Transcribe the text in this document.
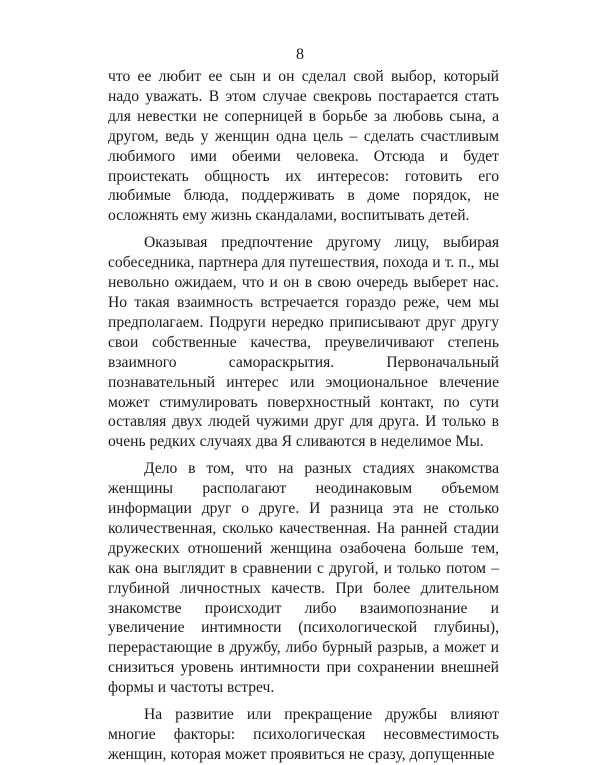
8

что ее любит ее сын и он сделал свой выбор, который надо уважать. В этом случае свекровь постарается стать для невестки не соперницей в борьбе за любовь сына, а другом, ведь у женщин одна цель – сделать счастливым любимого ими обеими человека. Отсюда и будет проистекать общность их интересов: готовить его любимые блюда, поддерживать в доме порядок, не осложнять ему жизнь скандалами, воспитывать детей.

Оказывая предпочтение другому лицу, выбирая собеседника, партнера для путешествия, похода и т. п., мы невольно ожидаем, что и он в свою очередь выберет нас. Но такая взаимность встречается гораздо реже, чем мы предполагаем. Подруги нередко приписывают друг другу свои собственные качества, преувеличивают степень взаимного самораскрытия. Первоначальный познавательный интерес или эмоциональное влечение может стимулировать поверхностный контакт, по сути оставляя двух людей чужими друг для друга. И только в очень редких случаях два Я сливаются в неделимое Мы.

Дело в том, что на разных стадиях знакомства женщины располагают неодинаковым объемом информации друг о друге. И разница эта не столько количественная, сколько качественная. На ранней стадии дружеских отношений женщина озабочена больше тем, как она выглядит в сравнении с другой, и только потом – глубиной личностных качеств. При более длительном знакомстве происходит либо взаимопознание и увеличение интимности (психологической глубины), перерастающие в дружбу, либо бурный разрыв, а может и снизиться уровень интимности при сохранении внешней формы и частоты встреч.

На развитие или прекращение дружбы влияют многие факторы: психологическая несовместимость женщин, которая может проявиться не сразу, допущенные
